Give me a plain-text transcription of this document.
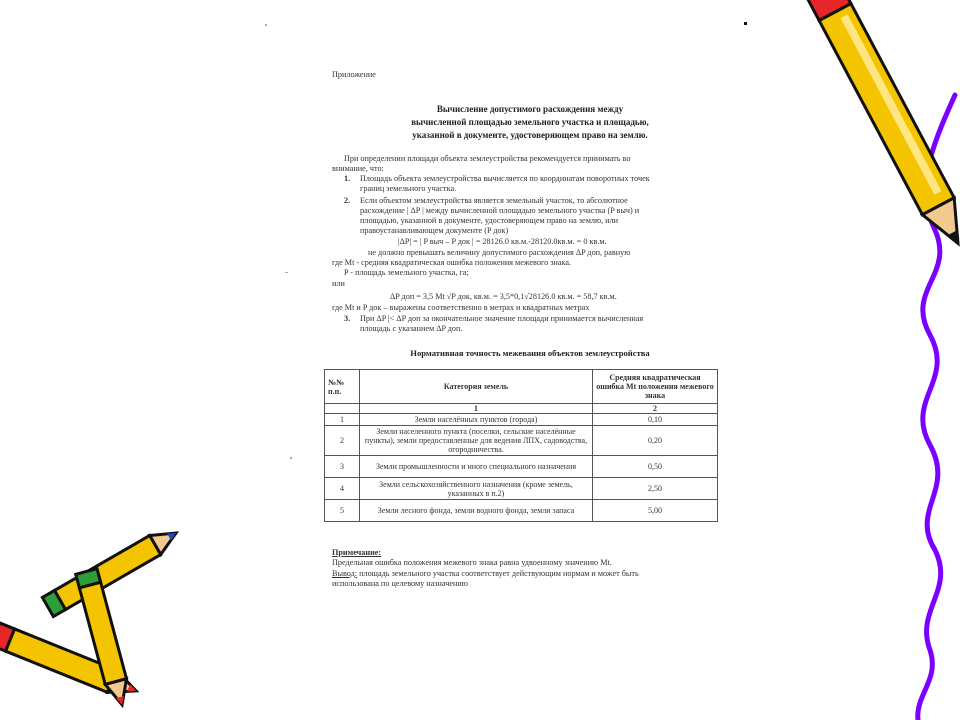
Приложение
Вычисление допустимого расхождения между
вычисленной площадью земельного участка и площадью,
указанной в документе, удостоверяющем право на землю.
При определении площади объекта землеустройства рекомендуется принимать во
внимание, что:
1. Площадь объекта землеустройства вычисляется по координатам поворотных точек
границ земельного участка.
2. Если объектом землеустройства является земельный участок, то абсолютное
расхождение | ΔP | между вычисленной площадью земельного участка (P выч) и
площадью, указанной в документе, удостоверяющем право на землю, или
правоустанавливающем документе (P док)
|ΔP| = | P выч – P док | = 28126.0 кв.м.-28120.0кв.м. = 0 кв.м.
не должно превышать величину допустимого расхождения ΔP доп, равную
где Mt - средняя квадратическая ошибка положения межевого знака.
P - площадь земельного участка, га;
или
ΔP доп = 3,5 Mt √P док, кв.м. = 3,5*0,1√28126.0 кв.м. = 58,7 кв.м.
где Mt и P док – выражены соответственно в метрах и квадратных метрах
3. При ΔP |< ΔP доп за окончательное значение площади принимается вычисленная
площадь с указанием ΔP доп.
Нормативная точность межевания объектов землеустройства
№№ п.п.	Категория земель	Средняя квадратическая ошибка Mt положения межевого знака
	1	2
1	Земли населённых пунктов (города)	0,10
2	Земли населенного пункта (поселки, сельские населённые пункты), земли предоставленные для ведения ЛПХ, садоводства, огородничества.	0,20
3	Земли промышленности и иного специального назначения	0,50
4	Земли сельскохозяйственного назначения (кроме земель, указанных в п.2)	2,50
5	Земли лесного фонда, земли водного фонда, земли запаса	5,00
Примечание:
Предельная ошибка положения межевого знака равна удвоенному значению Mt.
Вывод: площадь земельного участка соответствует действующим нормам и может быть
использована по целевому назначению
